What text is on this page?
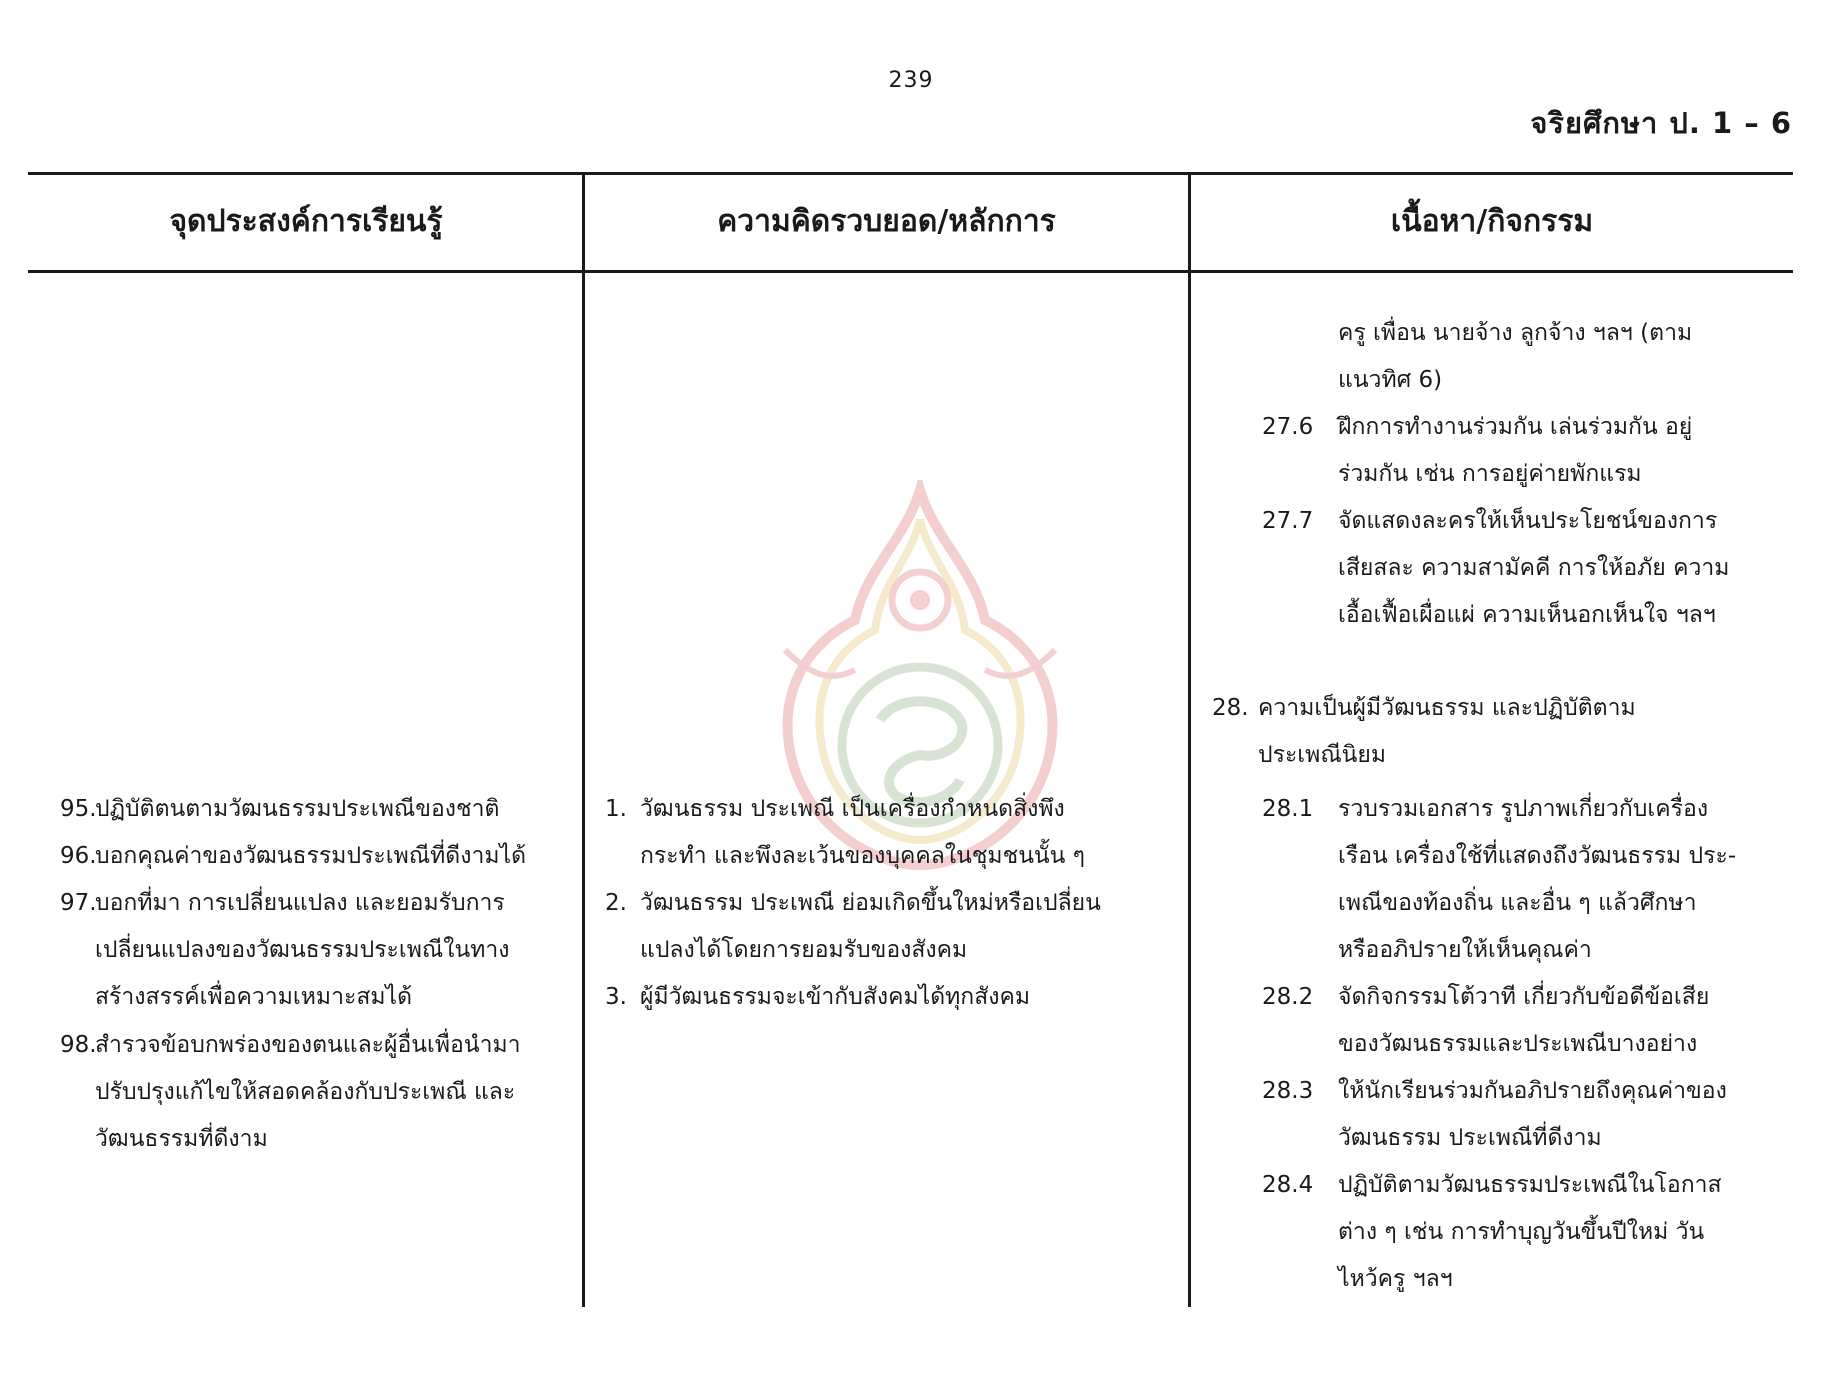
239
จริยศึกษา ป. 1 – 6
จุดประสงค์การเรียนรู้	ความคิดรวบยอด/หลักการ	เนื้อหา/กิจกรรม
95.
ปฏิบัติตนตามวัฒนธรรมประเพณีของชาติ
96.
บอกคุณค่าของวัฒนธรรมประเพณีที่ดีงามได้
97.
บอกที่มา การเปลี่ยนแปลง และยอมรับการ
เปลี่ยนแปลงของวัฒนธรรมประเพณีในทาง
สร้างสรรค์เพื่อความเหมาะสมได้
98.
สำรวจข้อบกพร่องของตนและผู้อื่นเพื่อนำมา
ปรับปรุงแก้ไขให้สอดคล้องกับประเพณี และ
วัฒนธรรมที่ดีงาม
1. วัฒนธรรม ประเพณี เป็นเครื่องกำหนดสิ่งพึง
กระทำ และพึงละเว้นของบุคคลในชุมชนนั้น ๆ
2. วัฒนธรรม ประเพณี ย่อมเกิดขึ้นใหม่หรือเปลี่ยน
แปลงได้โดยการยอมรับของสังคม
3. ผู้มีวัฒนธรรมจะเข้ากับสังคมได้ทุกสังคม
ครู เพื่อน นายจ้าง ลูกจ้าง ฯลฯ (ตาม
แนวทิศ 6)
27.6 ฝึกการทำงานร่วมกัน เล่นร่วมกัน อยู่
ร่วมกัน เช่น การอยู่ค่ายพักแรม
27.7 จัดแสดงละครให้เห็นประโยชน์ของการ
เสียสละ ความสามัคคี การให้อภัย ความ
เอื้อเฟื้อเผื่อแผ่ ความเห็นอกเห็นใจ ฯลฯ
28. ความเป็นผู้มีวัฒนธรรม และปฏิบัติตาม
ประเพณีนิยม
28.1 รวบรวมเอกสาร รูปภาพเกี่ยวกับเครื่อง
เรือน เครื่องใช้ที่แสดงถึงวัฒนธรรม ประ-
เพณีของท้องถิ่น และอื่น ๆ แล้วศึกษา
หรืออภิปรายให้เห็นคุณค่า
28.2 จัดกิจกรรมโต้วาที เกี่ยวกับข้อดีข้อเสีย
ของวัฒนธรรมและประเพณีบางอย่าง
28.3 ให้นักเรียนร่วมกันอภิปรายถึงคุณค่าของ
วัฒนธรรม ประเพณีที่ดีงาม
28.4 ปฏิบัติตามวัฒนธรรมประเพณีในโอกาส
ต่าง ๆ เช่น การทำบุญวันขึ้นปีใหม่ วัน
ไหว้ครู ฯลฯ
